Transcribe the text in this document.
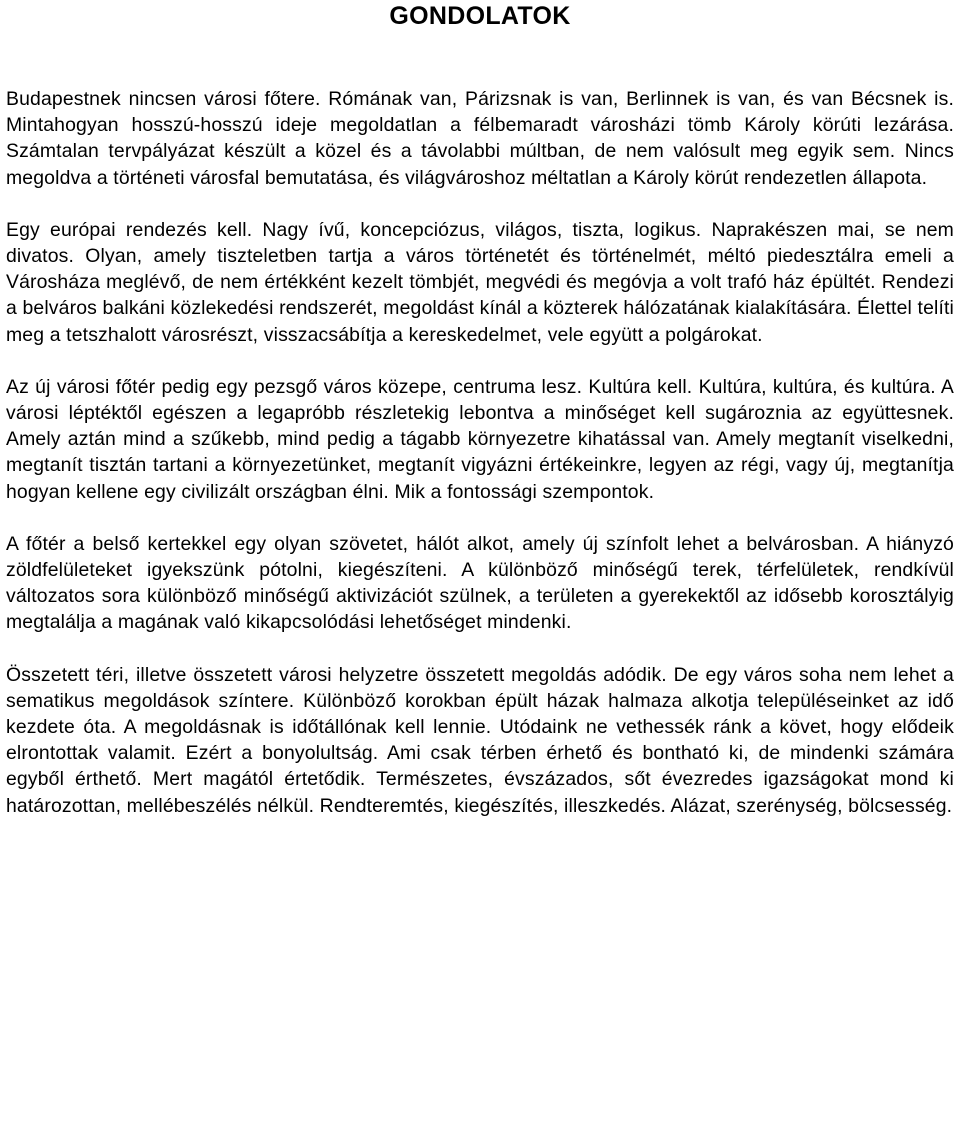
GONDOLATOK

Budapestnek nincsen városi főtere. Rómának van, Párizsnak is van, Berlinnek is van, és van Bécsnek is. Mintahogyan hosszú-hosszú ideje megoldatlan a félbemaradt városházi tömb Károly körúti lezárása. Számtalan tervpályázat készült a közel és a távolabbi múltban, de nem valósult meg egyik sem. Nincs megoldva a történeti városfal bemutatása, és világvároshoz méltatlan a Károly körút rendezetlen állapota.

Egy európai rendezés kell. Nagy ívű, koncepciózus, világos, tiszta, logikus. Naprakészen mai, se nem divatos. Olyan, amely tiszteletben tartja a város történetét és történelmét, méltó piedesztálra emeli a Városháza meglévő, de nem értékként kezelt tömbjét, megvédi és megóvja a volt trafó ház épültét. Rendezi a belváros balkáni közlekedési rendszerét, megoldást kínál a közterek hálózatának kialakítására. Élettel telíti meg a tetszhalott városrészt, visszacsábítja a kereskedelmet, vele együtt a polgárokat.

Az új városi főtér pedig egy pezsgő város közepe, centruma lesz. Kultúra kell. Kultúra, kultúra, és kultúra. A városi léptéktől egészen a legapróbb részletekig lebontva a minőséget kell sugároznia az együttesnek. Amely aztán mind a szűkebb, mind pedig a tágabb környezetre kihatással van. Amely megtanít viselkedni, megtanít tisztán tartani a környezetünket, megtanít vigyázni értékeinkre, legyen az régi, vagy új, megtanítja hogyan kellene egy civilizált országban élni. Mik a fontossági szempontok.

A főtér a belső kertekkel egy olyan szövetet, hálót alkot, amely új színfolt lehet a belvárosban. A hiányzó zöldfelületeket igyekszünk pótolni, kiegészíteni. A különböző minőségű terek, térfelületek, rendkívül változatos sora különböző minőségű aktivizációt szülnek, a területen a gyerekektől az idősebb korosztályig megtalálja a magának való kikapcsolódási lehetőséget mindenki.

Összetett téri, illetve összetett városi helyzetre összetett megoldás adódik. De egy város soha nem lehet a sematikus megoldások színtere. Különböző korokban épült házak halmaza alkotja településeinket az idő kezdete óta. A megoldásnak is időtállónak kell lennie. Utódaink ne vethessék ránk a követ, hogy elődeik elrontottak valamit. Ezért a bonyolultság. Ami csak térben érhető és bontható ki, de mindenki számára egyből érthető. Mert magától értetődik. Természetes, évszázados, sőt évezredes igazságokat mond ki határozottan, mellébeszélés nélkül. Rendteremtés, kiegészítés, illeszkedés. Alázat, szerénység, bölcsesség.
